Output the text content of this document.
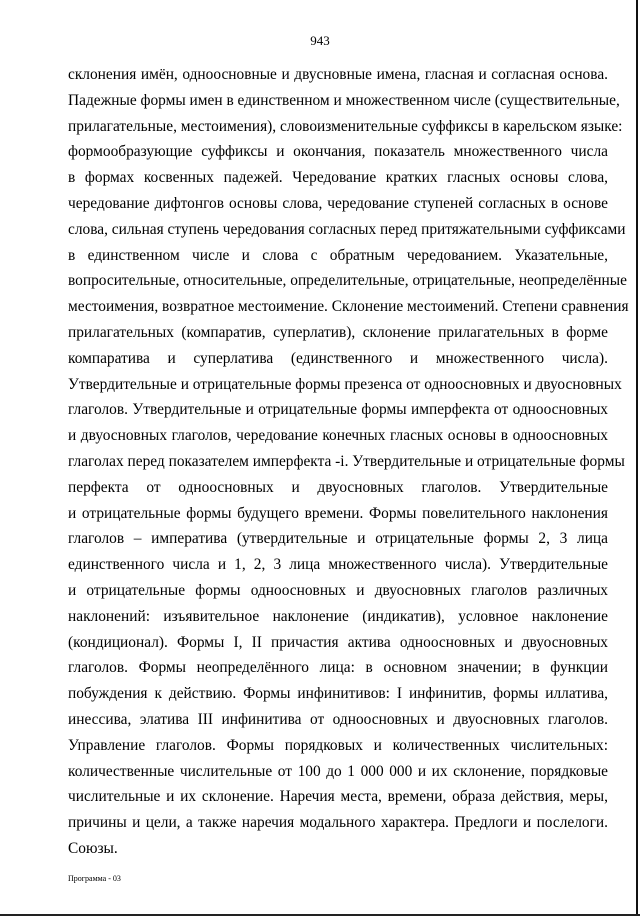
943
склонения имён, одноосновные и двусновные имена, гласная и согласная основа.
Падежные формы имен в единственном и множественном числе (существительные,
прилагательные, местоимения), словоизменительные суффиксы в карельском языке:
формообразующие суффиксы и окончания, показатель множественного числа
в формах косвенных падежей. Чередование кратких гласных основы слова,
чередование дифтонгов основы слова, чередование ступеней согласных в основе
слова, сильная ступень чередования согласных перед притяжательными суффиксами
в единственном числе и слова с обратным чередованием. Указательные,
вопросительные, относительные, определительные, отрицательные, неопределённые
местоимения, возвратное местоимение. Склонение местоимений. Степени сравнения
прилагательных (компаратив, суперлатив), склонение прилагательных в форме
компаратива и суперлатива (единственного и множественного числа).
Утвердительные и отрицательные формы презенса от одноосновных и двуосновных
глаголов. Утвердительные и отрицательные формы имперфекта от одноосновных
и двуосновных глаголов, чередование конечных гласных основы в одноосновных
глаголах перед показателем имперфекта -i. Утвердительные и отрицательные формы
перфекта от одноосновных и двуосновных глаголов. Утвердительные
и отрицательные формы будущего времени. Формы повелительного наклонения
глаголов – императива (утвердительные и отрицательные формы 2, 3 лица
единственного числа и 1, 2, 3 лица множественного числа). Утвердительные
и отрицательные формы одноосновных и двуосновных глаголов различных
наклонений: изъявительное наклонение (индикатив), условное наклонение
(кондиционал). Формы I, II причастия актива одноосновных и двуосновных
глаголов. Формы неопределённого лица: в основном значении; в функции
побуждения к действию. Формы инфинитивов: I инфинитив, формы иллатива,
инессива, элатива III инфинитива от одноосновных и двуосновных глаголов.
Управление глаголов. Формы порядковых и количественных числительных:
количественные числительные от 100 до 1 000 000 и их склонение, порядковые
числительные и их склонение. Наречия места, времени, образа действия, меры,
причины и цели, а также наречия модального характера. Предлоги и послелоги.
Союзы.
Программа - 03
